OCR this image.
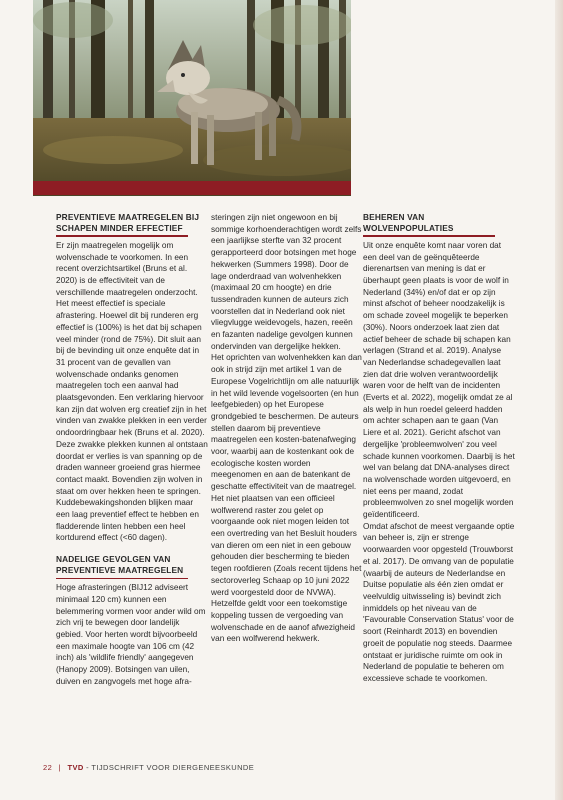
PREVENTIEVE MAATREGELEN BIJ SCHAPEN MINDER EFFECTIEF

Er zijn maatregelen mogelijk om wolvenschade te voorkomen. In een recent overzichtsartikel (Bruns et al. 2020) is de effectiviteit van de verschillende maatregelen onderzocht. Het meest effectief is speciale afrastering. Hoewel dit bij runderen erg effectief is (100%) is het dat bij schapen veel minder (rond de 75%). Dit sluit aan bij de bevinding uit onze enquête dat in 31 procent van de gevallen van wolvenschade ondanks genomen maatregelen toch een aanval had plaatsgevonden. Een verklaring hiervoor kan zijn dat wolven erg creatief zijn in het vinden van zwakke plekken in een verder ondoordringbaar hek (Bruns et al. 2020). Deze zwakke plekken kunnen al ontstaan doordat er verlies is van spanning op de draden wanneer groeiend gras hiermee contact maakt. Bovendien zijn wolven in staat om over hekken heen te springen. Kuddebewakingshonden blijken maar een laag preventief effect te hebben en fladderende linten hebben een heel kortdurend effect (<60 dagen).

NADELIGE GEVOLGEN VAN PREVENTIEVE MAATREGELEN

Hoge afrasteringen (BIJ12 adviseert minimaal 120 cm) kunnen een belemmering vormen voor ander wild om zich vrij te bewegen door landelijk gebied. Voor herten wordt bijvoorbeeld een maximale hoogte van 106 cm (42 inch) als 'wildlife friendly' aangegeven (Hanopy 2009). Botsingen van uilen, duiven en zangvogels met hoge afra-

steringen zijn niet ongewoon en bij sommige korhoenderachtigen wordt zelfs een jaarlijkse sterfte van 32 procent gerapporteerd door botsingen met hoge hekwerken (Summers 1998). Door de lage onderdraad van wolvenhekken (maximaal 20 cm hoogte) en drie tussendraden kunnen de auteurs zich voorstellen dat in Nederland ook niet vliegvlugge weidevogels, hazen, reeën en fazanten nadelige gevolgen kunnen ondervinden van dergelijke hekken.

Het oprichten van wolvenhekken kan dan ook in strijd zijn met artikel 1 van de Europese Vogelrichtlijn om alle natuurlijk in het wild levende vogelsoorten (en hun leefgebieden) op het Europese grondgebied te beschermen. De auteurs stellen daarom bij preventieve maatregelen een kosten-batenafweging voor, waarbij aan de kostenkant ook de ecologische kosten worden meegenomen en aan de batenkant de geschatte effectiviteit van de maatregel. Het niet plaatsen van een officieel wolfwerend raster zou gelet op voorgaande ook niet mogen leiden tot een overtreding van het Besluit houders van dieren om een niet in een gebouw gehouden dier bescherming te bieden tegen roofdieren (Zoals recent tijdens het sectoroverleg Schaap op 10 juni 2022 werd voorgesteld door de NVWA). Hetzelfde geldt voor een toekomstige koppeling tussen de vergoeding van wolvenschade en de aanof afwezigheid van een wolfwerend hekwerk.

BEHEREN VAN WOLVENPOPULATIES

Uit onze enquête komt naar voren dat een deel van de geënquêteerde dierenartsen van mening is dat er überhaupt geen plaats is voor de wolf in Nederland (34%) en/of dat er op zijn minst afschot of beheer noodzakelijk is om schade zoveel mogelijk te beperken (30%). Noors onderzoek laat zien dat actief beheer de schade bij schapen kan verlagen (Strand et al. 2019). Analyse van Nederlandse schadegevallen laat zien dat drie wolven verantwoordelijk waren voor de helft van de incidenten (Everts et al. 2022), mogelijk omdat ze al als welp in hun roedel geleerd hadden om achter schapen aan te gaan (Van Liere et al. 2021). Gericht afschot van dergelijke 'probleemwolven' zou veel schade kunnen voorkomen. Daarbij is het wel van belang dat DNA-analyses direct na wolvenschade worden uitgevoerd, en niet eens per maand, zodat probleemwolven zo snel mogelijk worden geïdentificeerd.

Omdat afschot de meest vergaande optie van beheer is, zijn er strenge voorwaarden voor opgesteld (Trouwborst et al. 2017). De omvang van de populatie (waarbij de auteurs de Nederlandse en Duitse populatie als één zien omdat er veelvuldig uitwisseling is) bevindt zich inmiddels op het niveau van de 'Favourable Conservation Status' voor de soort (Reinhardt 2013) en bovendien groeit de populatie nog steeds. Daarmee ontstaat er juridische ruimte om ook in Nederland de populatie te beheren om excessieve schade te voorkomen.

22 | TVD - TIJDSCHRIFT VOOR DIERGENEESKUNDE
